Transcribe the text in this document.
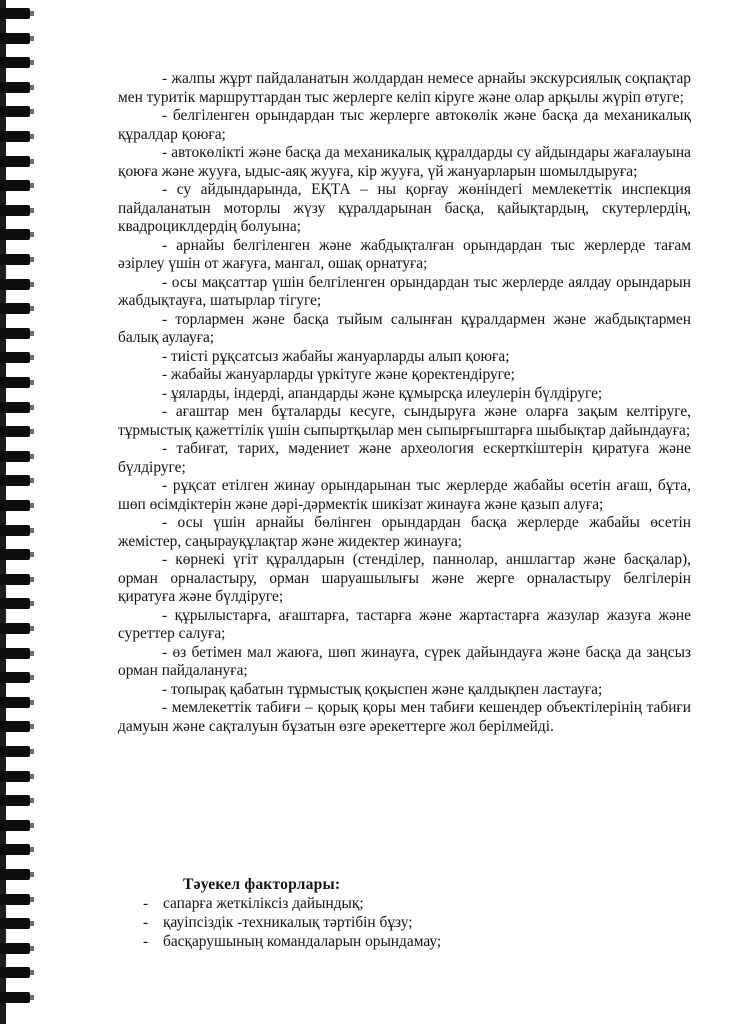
- жалпы жұрт пайдаланатын жолдардан немесе арнайы экскурсиялық соқпақтар мен туритік маршруттардан тыс жерлерге келіп кіруге және олар арқылы жүріп өтуге;

- белгіленген орындардан тыс жерлерге автокөлік және басқа да механикалық құралдар қоюға;

- автокөлікті және басқа да механикалық құралдарды су айдындары жағалауына қоюға және жууға, ыдыс-аяқ жууға, кір жууға, үй жануарларын шомылдыруға;

- су айдындарында, ЕҚТА – ны қорғау жөніндегі мемлекеттік инспекция пайдаланатын моторлы жүзу құралдарынан басқа, қайықтардың, скутерлердің, квадроциклдердің болуына;

- арнайы белгіленген және жабдықталған орындардан тыс жерлерде тағам әзірлеу үшін от жағуға, мангал, ошақ орнатуға;

- осы мақсаттар үшін белгіленген орындардан тыс жерлерде аялдау орындарын жабдықтауға, шатырлар тігуге;

- торлармен және басқа тыйым салынған құралдармен және жабдықтармен балық аулауға;

- тиісті рұқсатсыз жабайы жануарларды алып қоюға;

- жабайы жануарларды үркітуге және қоректендіруге;

- ұяларды, індерді, апандарды және құмырсқа илеулерін бүлдіруге;

- ағаштар мен бұталарды кесуге, сындыруға және оларға зақым келтіруге, тұрмыстық қажеттілік үшін сыпыртқылар мен сыпырғыштарға шыбықтар дайындауға;

- табиғат, тарих, мәдениет және археология ескерткіштерін қиратуға және бүлдіруге;

- рұқсат етілген жинау орындарынан тыс жерлерде жабайы өсетін ағаш, бұта, шөп өсімдіктерін және дәрі-дәрмектік шикізат жинауға және қазып алуға;

- осы үшін арнайы бөлінген орындардан басқа жерлерде жабайы өсетін жемістер, саңырауқұлақтар және жидектер жинауға;

- көрнекі үгіт құралдарын (стенділер, паннолар, аншлагтар және басқалар), орман орналастыру, орман шаруашылығы және жерге орналастыру белгілерін қиратуға және бүлдіруге;

- құрылыстарға, ағаштарға, тастарға және жартастарға жазулар жазуға және суреттер салуға;

- өз бетімен мал жаюға, шөп жинауға, сүрек дайындауға және басқа да заңсыз орман пайдалануға;

- топырақ қабатын тұрмыстық қоқыспен және қалдықпен ластауға;

- мемлекеттік табиғи – қорық қоры мен табиғи кешендер объектілерінің табиғи дамуын және сақталуын бұзатын өзге әрекеттерге жол берілмейді.

Тәуекел факторлары:

- сапарға жеткіліксіз дайындық;
- қауіпсіздік -техникалық тәртібін бұзу;
- басқарушының командаларын орындамау;
